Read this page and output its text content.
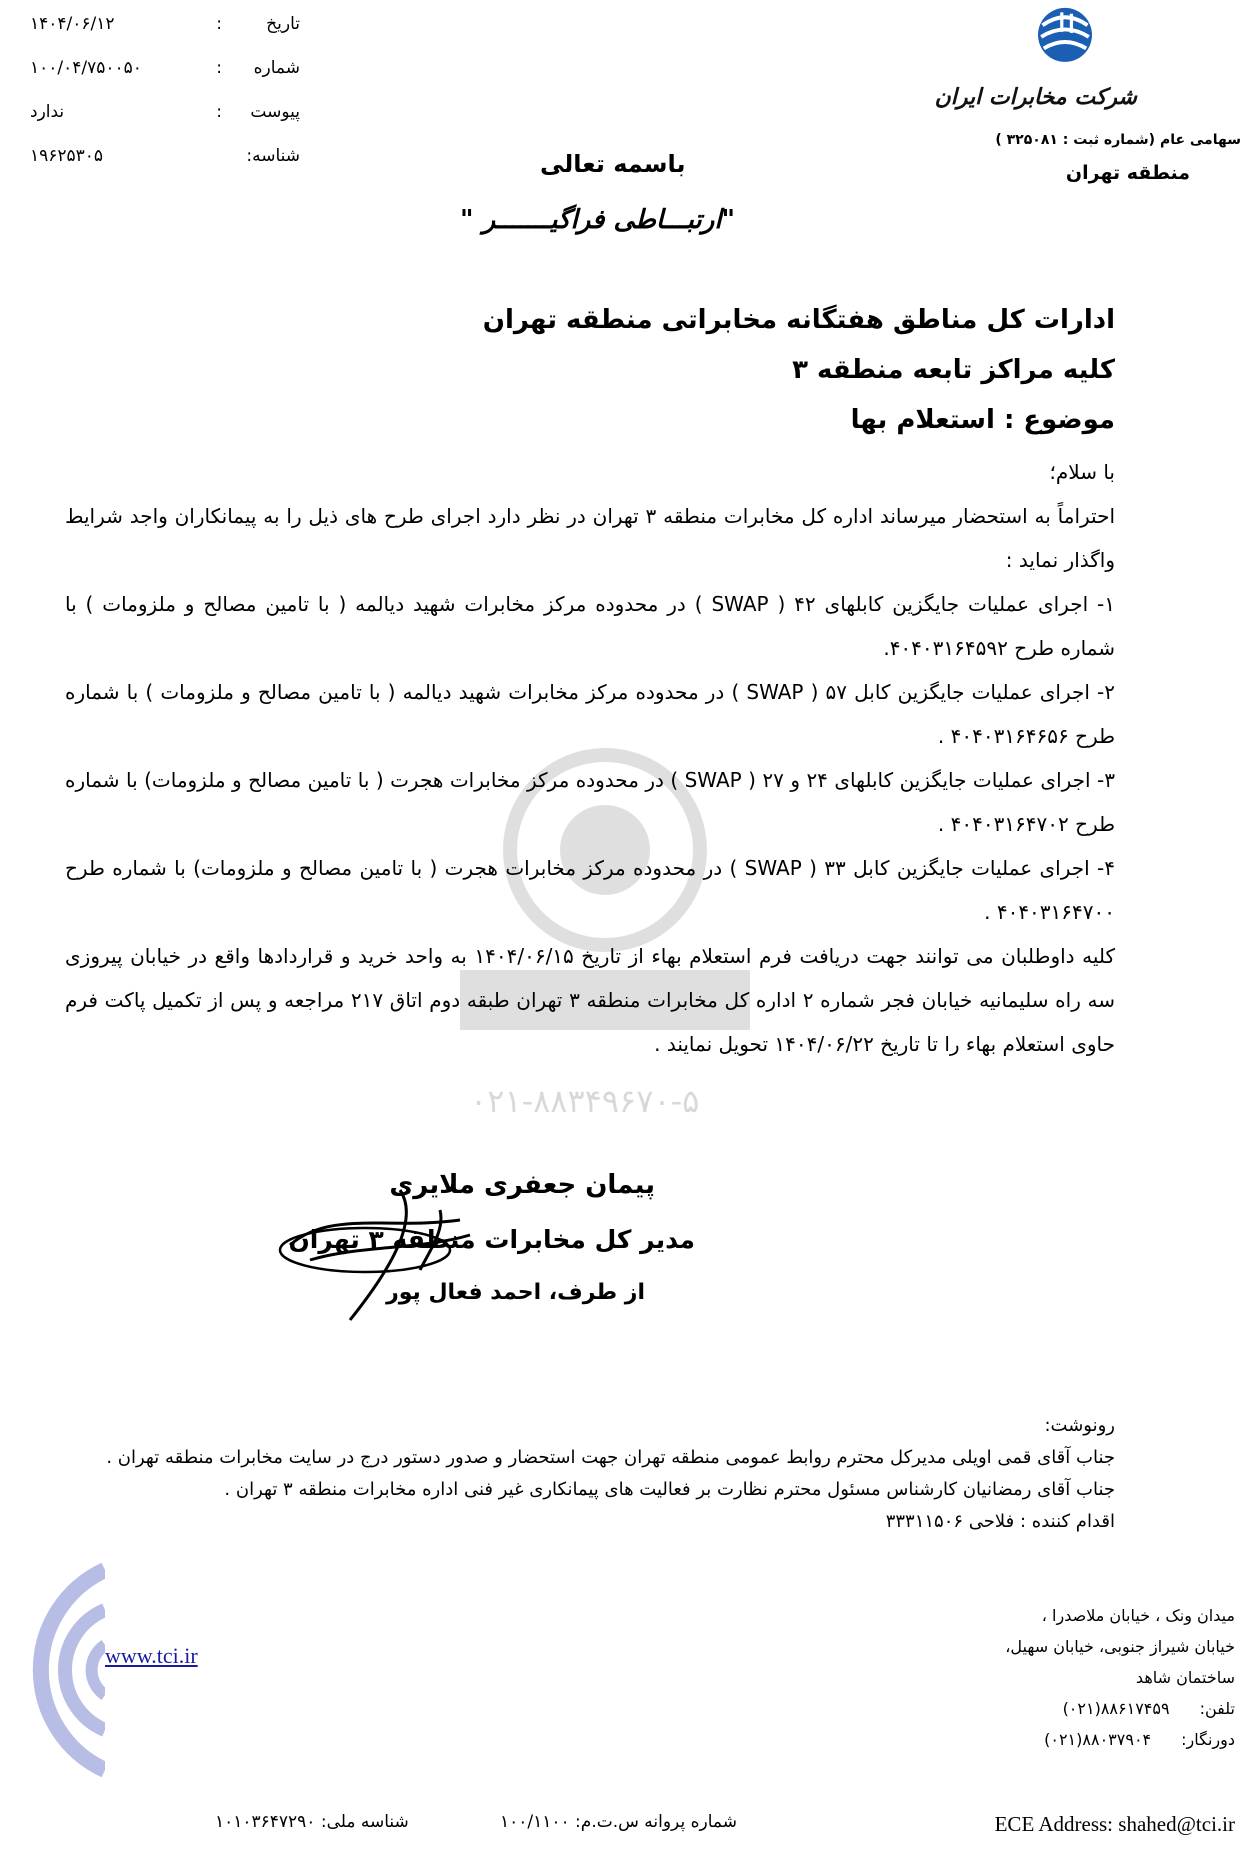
۰۲۱-۸۸۳۴۹۶۷۰-۵
تاریخ
:
۱۴۰۴/۰۶/۱۲
شماره
:
۱۰۰/۰۴/۷۵۰۰۵۰
پیوست
:
ندارد
شناسه:
۱۹۶۲۵۳۰۵
شرکت مخابرات ایران
سهامی عام (شماره ثبت : ۳۲۵۰۸۱ )
منطقه تهران
باسمه تعالی
"ارتبـــاطی فراگیـــــــر "
ادارات کل مناطق هفتگانه مخابراتی منطقه تهران
کلیه مراکز تابعه منطقه ۳
موضوع : استعلام بها

با سلام؛

احتراماً به استحضار میرساند اداره کل مخابرات منطقه ۳ تهران در نظر دارد اجرای طرح های ذیل را به پیمانکاران واجد شرایط واگذار نماید :

۱- اجرای عملیات جایگزین کابلهای ۴۲ ( SWAP ) در محدوده مرکز مخابرات شهید دیالمه ( با تامین مصالح و ملزومات ) با شماره طرح ۴۰۴۰۳۱۶۴۵۹۲.

۲- اجرای عملیات جایگزین کابل ۵۷ ( SWAP ) در محدوده مرکز مخابرات شهید دیالمه ( با تامین مصالح و ملزومات ) با شماره طرح ۴۰۴۰۳۱۶۴۶۵۶ .

۳- اجرای عملیات جایگزین کابلهای ۲۴ و ۲۷ ( SWAP ) در محدوده مرکز مخابرات هجرت ( با تامین مصالح و ملزومات) با شماره طرح ۴۰۴۰۳۱۶۴۷۰۲ .

۴- اجرای عملیات جایگزین کابل ۳۳ ( SWAP ) در محدوده مرکز مخابرات هجرت ( با تامین مصالح و ملزومات) با شماره طرح ۴۰۴۰۳۱۶۴۷۰۰ .

کلیه داوطلبان می توانند جهت دریافت فرم استعلام بهاء از تاریخ ۱۴۰۴/۰۶/۱۵ به واحد خرید و قراردادها واقع در خیابان پیروزی سه راه سلیمانیه خیابان فجر شماره ۲ اداره کل مخابرات منطقه ۳ تهران طبقه دوم اتاق ۲۱۷ مراجعه و پس از تکمیل پاکت فرم حاوی استعلام بهاء را تا تاریخ ۱۴۰۴/۰۶/۲۲ تحویل نمایند .

پیمان جعفری ملایری
مدیر کل مخابرات منطقه ۳ تهران
از طرف، احمد فعال پور

رونوشت:

جناب آقای قمی اویلی مدیرکل محترم روابط عمومی منطقه تهران جهت استحضار و صدور دستور درج در سایت مخابرات منطقه تهران .

جناب آقای رمضانیان کارشناس مسئول محترم نظارت بر فعالیت های پیمانکاری غیر فنی اداره مخابرات منطقه ۳ تهران .

اقدام کننده : فلاحی ۳۳۳۱۱۵۰۶

www.tci.ir

میدان ونک ، خیابان ملاصدرا ،

خیابان شیراز جنوبی، خیابان سهیل،

ساختمان شاهد

تلفن:(۰۲۱)۸۸۶۱۷۴۵۹

دورنگار:(۰۲۱)۸۸۰۳۷۹۰۴

ECE Address: shahed@tci.ir
شماره پروانه س.ت.م: ۱۰۰/۱۱۰۰
شناسه ملی: ۱۰۱۰۳۶۴۷۲۹۰
